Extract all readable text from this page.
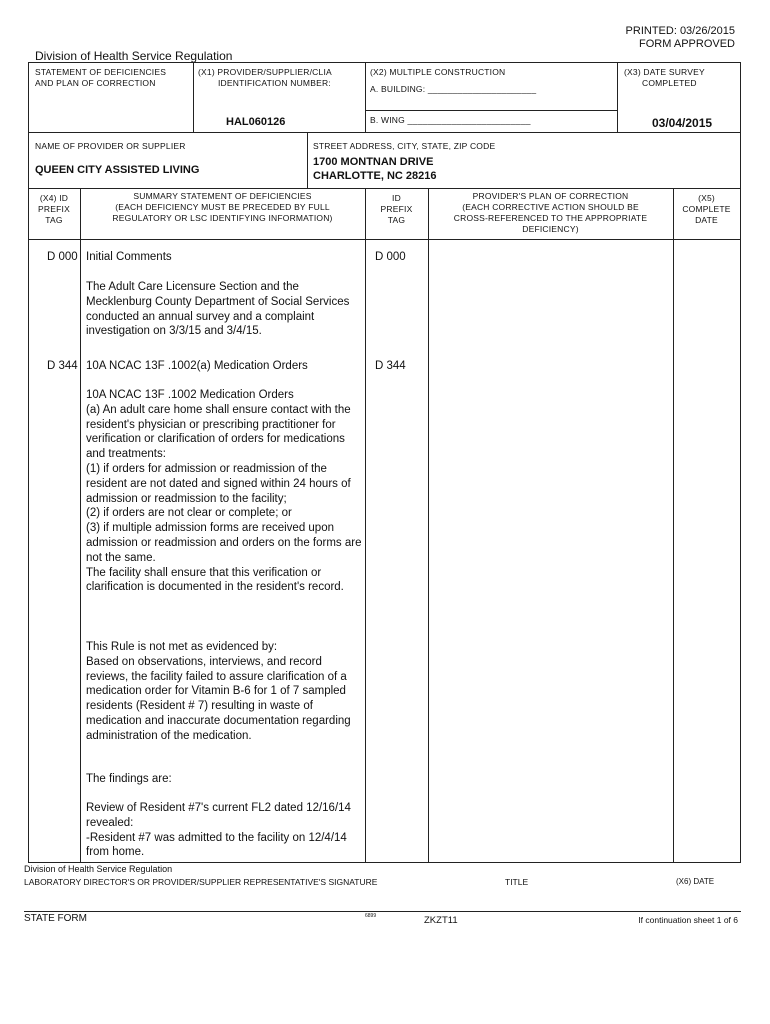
PRINTED: 03/26/2015
FORM APPROVED
Division of Health Service Regulation
STATEMENT OF DEFICIENCIES
AND PLAN OF CORRECTION
(X1) PROVIDER/SUPPLIER/CLIA
IDENTIFICATION NUMBER:
HAL060126
(X2) MULTIPLE CONSTRUCTION
A. BUILDING: ______________________
B. WING _________________________
(X3) DATE SURVEY
COMPLETED
03/04/2015
NAME OF PROVIDER OR SUPPLIER
QUEEN CITY ASSISTED LIVING
STREET ADDRESS, CITY, STATE, ZIP CODE
1700 MONTNAN DRIVE
CHARLOTTE, NC 28216
(X4) ID
PREFIX
TAG
SUMMARY STATEMENT OF DEFICIENCIES
(EACH DEFICIENCY MUST BE PRECEDED BY FULL
REGULATORY OR LSC IDENTIFYING INFORMATION)
ID
PREFIX
TAG
PROVIDER'S PLAN OF CORRECTION
(EACH CORRECTIVE ACTION SHOULD BE
CROSS-REFERENCED TO THE APPROPRIATE
DEFICIENCY)
(X5)
COMPLETE
DATE
D 000	D 000
Initial Comments
The Adult Care Licensure Section and the Mecklenburg County Department of Social Services conducted an annual survey and a complaint investigation on 3/3/15 and 3/4/15.
D 344	D 344
10A NCAC 13F .1002(a) Medication Orders
10A NCAC 13F .1002 Medication Orders
(a) An adult care home shall ensure contact with the resident's physician or prescribing practitioner for verification or clarification of orders for medications and treatments:
(1) if orders for admission or readmission of the resident are not dated and signed within 24 hours of admission or readmission to the facility;
(2) if orders are not clear or complete; or
(3) if multiple admission forms are received upon admission or readmission and orders on the forms are not the same.
The facility shall ensure that this verification or clarification is documented in the resident's record.
This Rule is not met as evidenced by:
Based on observations, interviews, and record reviews, the facility failed to assure clarification of a medication order for Vitamin B-6 for 1 of 7 sampled residents (Resident # 7) resulting in waste of medication and inaccurate documentation regarding administration of the medication.
The findings are:
Review of Resident #7's current FL2 dated 12/16/14 revealed:
-Resident #7 was admitted to the facility on 12/4/14 from home.
Division of Health Service Regulation
LABORATORY DIRECTOR'S OR PROVIDER/SUPPLIER REPRESENTATIVE'S SIGNATURE	TITLE	(X6) DATE
STATE FORM	6899	ZKZT11	If continuation sheet 1 of 6
